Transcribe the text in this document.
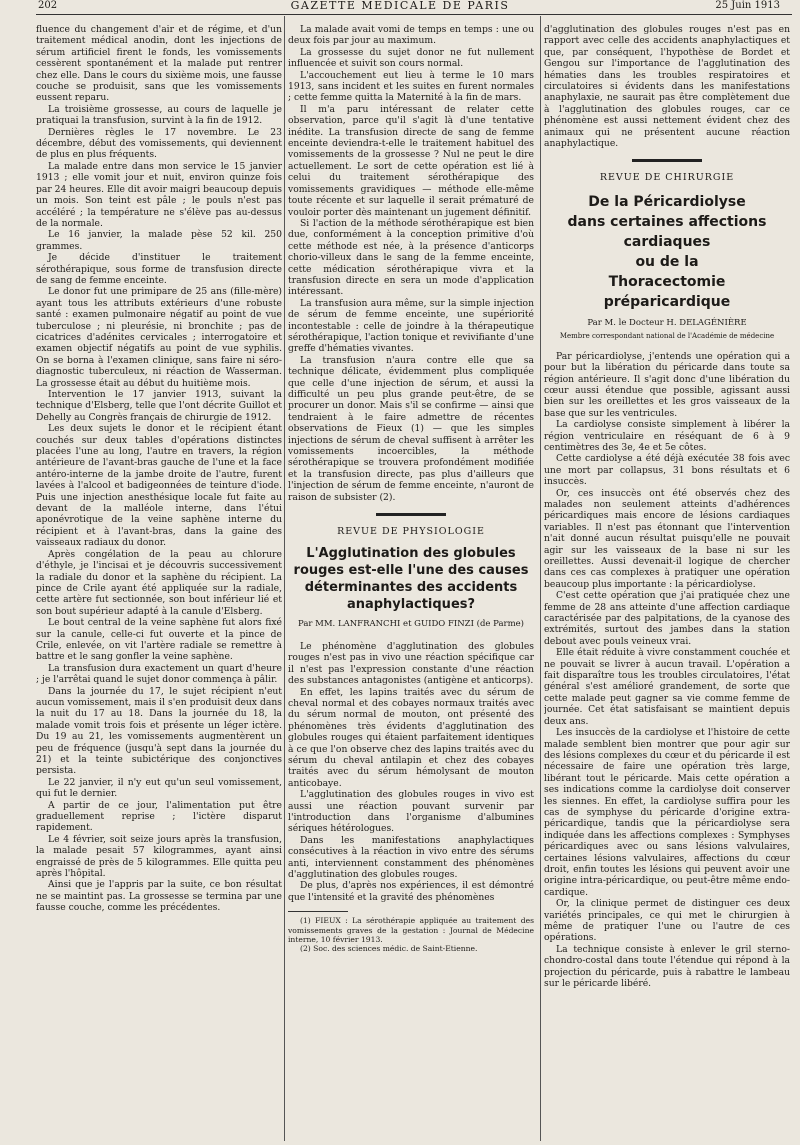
202	GAZETTE MÉDICALE DE PARIS	25 Juin 1913

fluence du changement d'air et de régime, et d'un traitement médical anodin, dont les injections de sérum artificiel firent le fonds, les vomissements cessèrent spontanément et la malade put rentrer chez elle. Dans le cours du sixième mois, une fausse couche se produisit, sans que les vomissements eussent reparu.

La troisième grossesse, au cours de laquelle je pratiquai la transfusion, survint à la fin de 1912.

Dernières règles le 17 novembre. Le 23 décembre, début des vomissements, qui deviennent de plus en plus fréquents.

La malade entre dans mon service le 15 janvier 1913 ; elle vomit jour et nuit, environ quinze fois par 24 heures. Elle dit avoir maigri beaucoup depuis un mois. Son teint est pâle ; le pouls n'est pas accéléré ; la température ne s'élève pas au-dessus de la normale.

Le 16 janvier, la malade pèse 52 kil. 250 grammes.

Je décide d'instituer le traitement sérothérapique, sous forme de transfusion directe de sang de femme enceinte.

Le donor fut une primipare de 25 ans (fille-mère) ayant tous les attributs extérieurs d'une robuste santé : examen pulmonaire négatif au point de vue tuberculose ; ni pleurésie, ni bronchite ; pas de cicatrices d'adénites cervicales ; interrogatoire et examen objectif négatifs au point de vue syphilis. On se borna à l'examen clinique, sans faire ni séro-diagnostic tuberculeux, ni réaction de Wasserman. La grossesse était au début du huitième mois.

Intervention le 17 janvier 1913, suivant la technique d'Elsberg, telle que l'ont décrite Guillot et Dehelly au Congrès français de chirurgie de 1912.

Les deux sujets le donor et le récipient étant couchés sur deux tables d'opérations distinctes placées l'une au long, l'autre en travers, la région antérieure de l'avant-bras gauche de l'une et la face antéro-interne de la jambe droite de l'autre, furent lavées à l'alcool et badigeonnées de teinture d'iode. Puis une injection anesthésique locale fut faite au devant de la malléole interne, dans l'étui aponévrotique de la veine saphène interne du récipient et à l'avant-bras, dans la gaine des vaisseaux radiaux du donor.

Après congélation de la peau au chlorure d'éthyle, je l'incisai et je découvris successivement la radiale du donor et la saphène du récipient. La pince de Crile ayant été appliquée sur la radiale, cette artère fut sectionnée, son bout inférieur lié et son bout supérieur adapté à la canule d'Elsberg.

Le bout central de la veine saphène fut alors fixé sur la canule, celle-ci fut ouverte et la pince de Crile, enlevée, on vit l'artère radiale se remettre à battre et le sang gonfler la veine saphène.

La transfusion dura exactement un quart d'heure ; je l'arrêtai quand le sujet donor commença à pâlir.

Dans la journée du 17, le sujet récipient n'eut aucun vomissement, mais il s'en produisit deux dans la nuit du 17 au 18. Dans la journée du 18, la malade vomit trois fois et présente un léger ictère. Du 19 au 21, les vomissements augmentèrent un peu de fréquence (jusqu'à sept dans la journée du 21) et la teinte subictérique des conjonctives persista.

Le 22 janvier, il n'y eut qu'un seul vomissement, qui fut le dernier.

A partir de ce jour, l'alimentation put être graduellement reprise ; l'ictère disparut rapidement.

Le 4 février, soit seize jours après la transfusion, la malade pesait 57 kilogrammes, ayant ainsi engraissé de près de 5 kilogrammes. Elle quitta peu après l'hôpital.

Ainsi que je l'appris par la suite, ce bon résultat ne se maintint pas. La grossesse se termina par une fausse couche, comme les précédentes.

La malade avait vomi de temps en temps : une ou deux fois par jour au maximum.

La grossesse du sujet donor ne fut nullement influencée et suivit son cours normal.

L'accouchement eut lieu à terme le 10 mars 1913, sans incident et les suites en furent normales ; cette femme quitta la Maternité à la fin de mars.

Il m'a paru intéressant de relater cette observation, parce qu'il s'agit là d'une tentative inédite. La transfusion directe de sang de femme enceinte deviendra-t-elle le traitement habituel des vomissements de la grossesse ? Nul ne peut le dire actuellement. Le sort de cette opération est lié à celui du traitement sérothérapique des vomissements gravidiques — méthode elle-même toute récente et sur laquelle il serait prématuré de vouloir porter dès maintenant un jugement définitif.

Si l'action de la méthode sérothérapique est bien due, conformément à la conception primitive d'où cette méthode est née, à la présence d'anticorps chorio-villeux dans le sang de la femme enceinte, cette médication sérothérapique vivra et la transfusion directe en sera un mode d'application intéressant.

La transfusion aura même, sur la simple injection de sérum de femme enceinte, une supériorité incontestable : celle de joindre à la thérapeutique sérothérapique, l'action tonique et revivifiante d'une greffe d'hématies vivantes.

La transfusion n'aura contre elle que sa technique délicate, évidemment plus compliquée que celle d'une injection de sérum, et aussi la difficulté un peu plus grande peut-être, de se procurer un donor. Mais s'il se confirme — ainsi que tendraient à le faire admettre de récentes observations de Fieux (1) — que les simples injections de sérum de cheval suffisent à arrêter les vomissements incoercibles, la méthode sérothérapique se trouvera profondément modifiée et la transfusion directe, pas plus d'ailleurs que l'injection de sérum de femme enceinte, n'auront de raison de subsister (2).

REVUE DE PHYSIOLOGIE
L'Agglutination des globules rouges est-elle l'une des causes déterminantes des accidents anaphylactiques?
Par MM. LANFRANCHI et GUIDO FINZI (de Parme)

Le phénomène d'agglutination des globules rouges n'est pas in vivo une réaction spécifique car il n'est pas l'expression constante d'une réaction des substances antagonistes (antigène et anticorps).

En effet, les lapins traités avec du sérum de cheval normal et des cobayes normaux traités avec du sérum normal de mouton, ont présenté des phénomènes très évidents d'agglutination des globules rouges qui étaient parfaitement identiques à ce que l'on observe chez des lapins traités avec du sérum du cheval antilapin et chez des cobayes traités avec du sérum hémolysant de mouton anticobaye.

L'agglutination des globules rouges in vivo est aussi une réaction pouvant survenir par l'introduction dans l'organisme d'albumines sériques hétérologues.

Dans les manifestations anaphylactiques consécutives à la réaction in vivo entre des sérums anti, interviennent constamment des phénomènes d'agglutination des globules rouges.

De plus, d'après nos expériences, il est démontré que l'intensité et la gravité des phénomènes

(1) FIEUX : La sérothérapie appliquée au traitement des vomissements graves de la gestation : Journal de Médecine interne, 10 février 1913.

(2) Soc. des sciences médic. de Saint-Etienne.

d'agglutination des globules rouges n'est pas en rapport avec celle des accidents anaphylactiques et que, par conséquent, l'hypothèse de Bordet et Gengou sur l'importance de l'agglutination des hématies dans les troubles respiratoires et circulatoires si évidents dans les manifestations anaphylaxie, ne saurait pas être complètement due à l'agglutination des globules rouges, car ce phénomène est aussi nettement évident chez des animaux qui ne présentent aucune réaction anaphylactique.

REVUE DE CHIRURGIE
De la Péricardiolyse
dans certaines affections cardiaques
ou de la
Thoracectomie préparicardique
Par M. le Docteur H. DELAGÉNIÈRE
Membre correspondant national de l'Académie de médecine

Par péricardiolyse, j'entends une opération qui a pour but la libération du péricarde dans toute sa région antérieure. Il s'agit donc d'une libération du cœur aussi étendue que possible, agissant aussi bien sur les oreillettes et les gros vaisseaux de la base que sur les ventricules.

La cardiolyse consiste simplement à libérer la région ventriculaire en réséquant de 6 à 9 centimètres des 3e, 4e et 5e côtes.

Cette cardiolyse a été déjà exécutée 38 fois avec une mort par collapsus, 31 bons résultats et 6 insuccès.

Or, ces insuccès ont été observés chez des malades non seulement atteints d'adhérences péricardiques mais encore de lésions cardiaques variables. Il n'est pas étonnant que l'intervention n'ait donné aucun résultat puisqu'elle ne pouvait agir sur les vaisseaux de la base ni sur les oreillettes. Aussi devenait-il logique de chercher dans ces cas complexes à pratiquer une opération beaucoup plus importante : la péricardiolyse.

C'est cette opération que j'ai pratiquée chez une femme de 28 ans atteinte d'une affection cardiaque caractérisée par des palpitations, de la cyanose des extrémités, surtout des jambes dans la station debout avec pouls veineux vrai.

Elle était réduite à vivre constamment couchée et ne pouvait se livrer à aucun travail. L'opération a fait disparaître tous les troubles circulatoires, l'état général s'est amélioré grandement, de sorte que cette malade peut gagner sa vie comme femme de journée. Cet état satisfaisant se maintient depuis deux ans.

Les insuccès de la cardiolyse et l'histoire de cette malade semblent bien montrer que pour agir sur des lésions complexes du cœur et du péricarde il est nécessaire de faire une opération très large, libérant tout le péricarde. Mais cette opération a ses indications comme la cardiolyse doit conserver les siennes. En effet, la cardiolyse suffira pour les cas de symphyse du péricarde d'origine extra-péricardique, tandis que la péricardiolyse sera indiquée dans les affections complexes : Symphyses péricardiques avec ou sans lésions valvulaires, certaines lésions valvulaires, affections du cœur droit, enfin toutes les lésions qui peuvent avoir une origine intra-péricardique, ou peut-être même endo-cardique.

Or, la clinique permet de distinguer ces deux variétés principales, ce qui met le chirurgien à même de pratiquer l'une ou l'autre de ces opérations.

La technique consiste à enlever le gril sterno-chondro-costal dans toute l'étendue qui répond à la projection du péricarde, puis à rabattre le lambeau sur le péricarde libéré.
